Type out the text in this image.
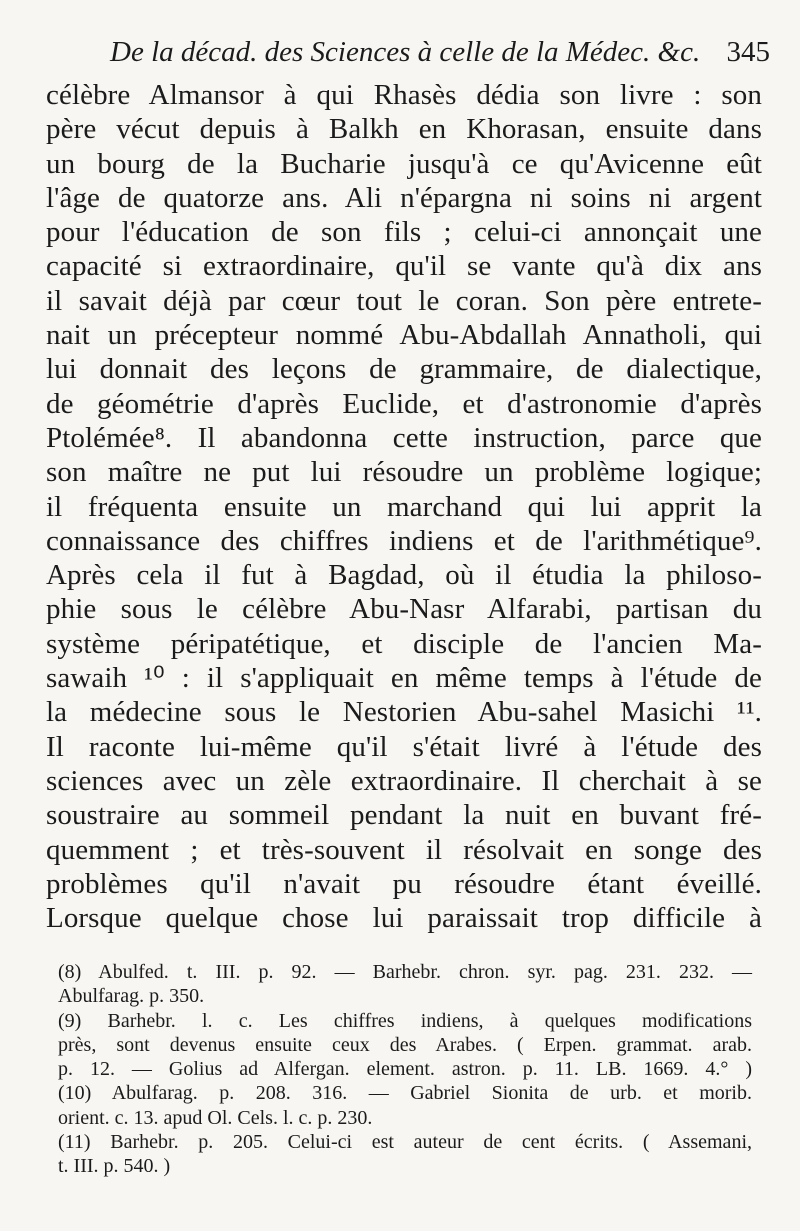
De la décad. des Sciences à celle de la Médec. &c. 345
célèbre Almansor à qui Rhasès dédia son livre : son
père vécut depuis à Balkh en Khorasan, ensuite dans
un bourg de la Bucharie jusqu'à ce qu'Avicenne eût
l'âge de quatorze ans. Ali n'épargna ni soins ni argent
pour l'éducation de son fils ; celui-ci annonçait une
capacité si extraordinaire, qu'il se vante qu'à dix ans
il savait déjà par cœur tout le coran. Son père entrete-
nait un précepteur nommé Abu-Abdallah Annatholi, qui
lui donnait des leçons de grammaire, de dialectique,
de géométrie d'après Euclide, et d'astronomie d'après
Ptolémée⁸. Il abandonna cette instruction, parce que
son maître ne put lui résoudre un problème logique;
il fréquenta ensuite un marchand qui lui apprit la
connaissance des chiffres indiens et de l'arithmétique⁹.
Après cela il fut à Bagdad, où il étudia la philoso-
phie sous le célèbre Abu-Nasr Alfarabi, partisan du
système péripatétique, et disciple de l'ancien Ma-
sawaih ¹⁰ : il s'appliquait en même temps à l'étude de
la médecine sous le Nestorien Abu-sahel Masichi ¹¹.
Il raconte lui-même qu'il s'était livré à l'étude des
sciences avec un zèle extraordinaire. Il cherchait à se
soustraire au sommeil pendant la nuit en buvant fré-
quemment ; et très-souvent il résolvait en songe des
problèmes qu'il n'avait pu résoudre étant éveillé.
Lorsque quelque chose lui paraissait trop difficile à
(8) Abulfed. t. III. p. 92. — Barhebr. chron. syr. pag. 231. 232. —
Abulfarag. p. 350.
(9) Barhebr. l. c. Les chiffres indiens, à quelques modifications
près, sont devenus ensuite ceux des Arabes. ( Erpen. grammat. arab.
p. 12. — Golius ad Alfergan. element. astron. p. 11. LB. 1669. 4.° )
(10) Abulfarag. p. 208. 316. — Gabriel Sionita de urb. et morib.
orient. c. 13. apud Ol. Cels. l. c. p. 230.
(11) Barhebr. p. 205. Celui-ci est auteur de cent écrits. ( Assemani,
t. III. p. 540. )
